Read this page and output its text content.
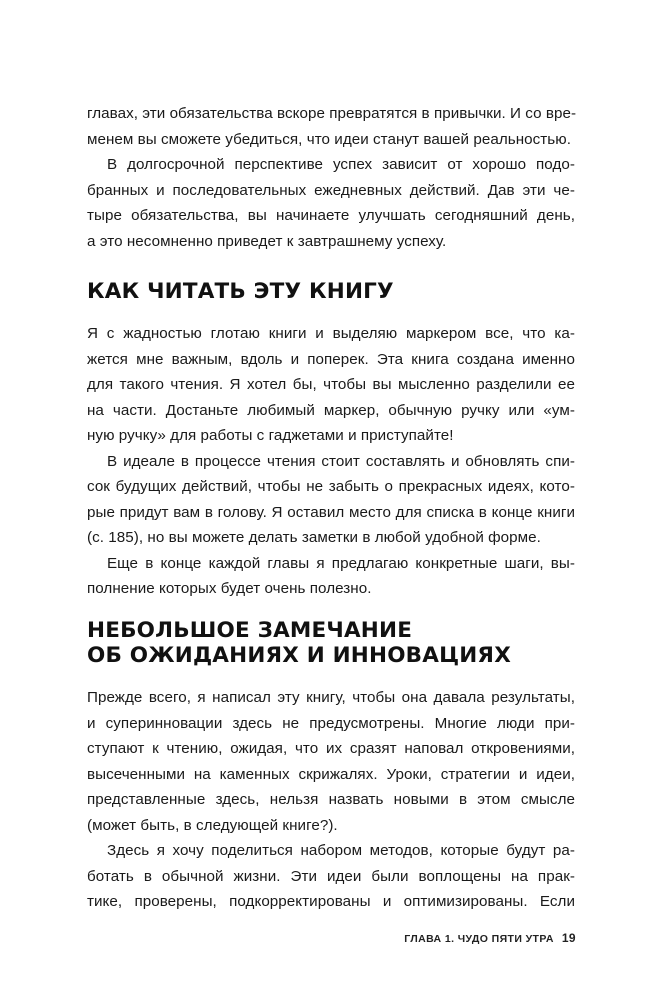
главах, эти обязательства вскоре превратятся в привычки. И со вре-
менем вы сможете убедиться, что идеи станут вашей реальностью.
В долгосрочной перспективе успех зависит от хорошо подо-
бранных и последовательных ежедневных действий. Дав эти че-
тыре обязательства, вы начинаете улучшать сегодняшний день,
а это несомненно приведет к завтрашнему успеху.
КАК ЧИТАТЬ ЭТУ КНИГУ
Я с жадностью глотаю книги и выделяю маркером все, что ка-
жется мне важным, вдоль и поперек. Эта книга создана именно
для такого чтения. Я хотел бы, чтобы вы мысленно разделили ее
на части. Достаньте любимый маркер, обычную ручку или «ум-
ную ручку» для работы с гаджетами и приступайте!
В идеале в процессе чтения стоит составлять и обновлять спи-
сок будущих действий, чтобы не забыть о прекрасных идеях, кото-
рые придут вам в голову. Я оставил место для списка в конце книги
(с. 185), но вы можете делать заметки в любой удобной форме.
Еще в конце каждой главы я предлагаю конкретные шаги, вы-
полнение которых будет очень полезно.
НЕБОЛЬШОЕ ЗАМЕЧАНИЕ
ОБ ОЖИДАНИЯХ И ИННОВАЦИЯХ
Прежде всего, я написал эту книгу, чтобы она давала результаты,
и суперинновации здесь не предусмотрены. Многие люди при-
ступают к чтению, ожидая, что их сразят наповал откровениями,
высеченными на каменных скрижалях. Уроки, стратегии и идеи,
представленные здесь, нельзя назвать новыми в этом смысле
(может быть, в следующей книге?).
Здесь я хочу поделиться набором методов, которые будут ра-
ботать в обычной жизни. Эти идеи были воплощены на прак-
тике, проверены, подкорректированы и оптимизированы. Если
ГЛАВА 1. ЧУДО ПЯТИ УТРА 19
